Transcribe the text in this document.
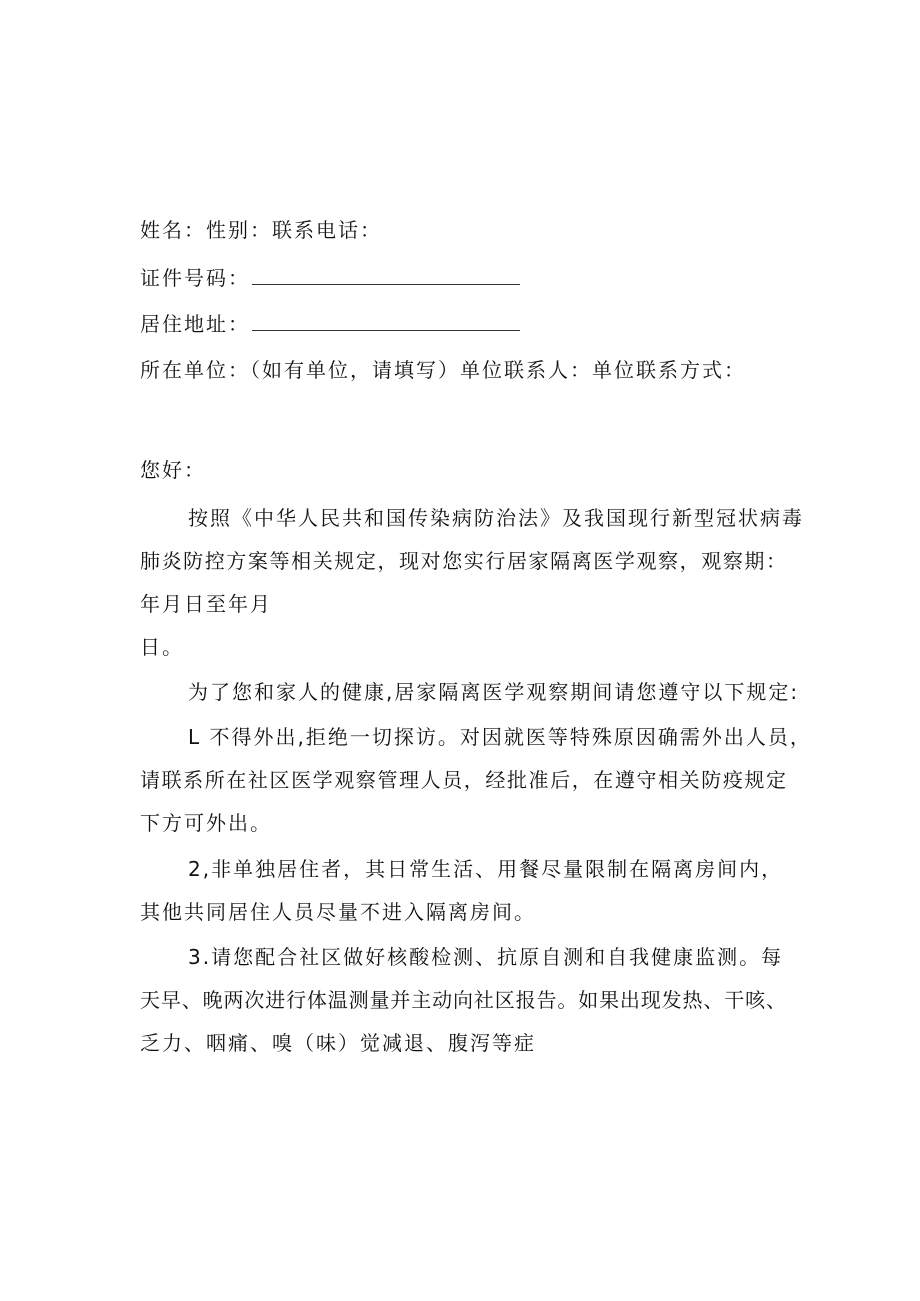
姓名：性别：联系电话：
证件号码：
居住地址：
所在单位：（如有单位，请填写）单位联系人：单位联系方式：
您好：
按照《中华人民共和国传染病防治法》及我国现行新型冠状病毒
肺炎防控方案等相关规定，现对您实行居家隔离医学观察，观察期：
年月日至年月
日。
为了您和家人的健康,居家隔离医学观察期间请您遵守以下规定:
L 不得外出,拒绝一切探访。对因就医等特殊原因确需外出人员，
请联系所在社区医学观察管理人员，经批准后，在遵守相关防疫规定
下方可外出。
2,非单独居住者，其日常生活、用餐尽量限制在隔离房间内，
其他共同居住人员尽量不进入隔离房间。
3.请您配合社区做好核酸检测、抗原自测和自我健康监测。每
天早、晚两次进行体温测量并主动向社区报告。如果出现发热、干咳、
乏力、咽痛、嗅（味）觉减退、腹泻等症
